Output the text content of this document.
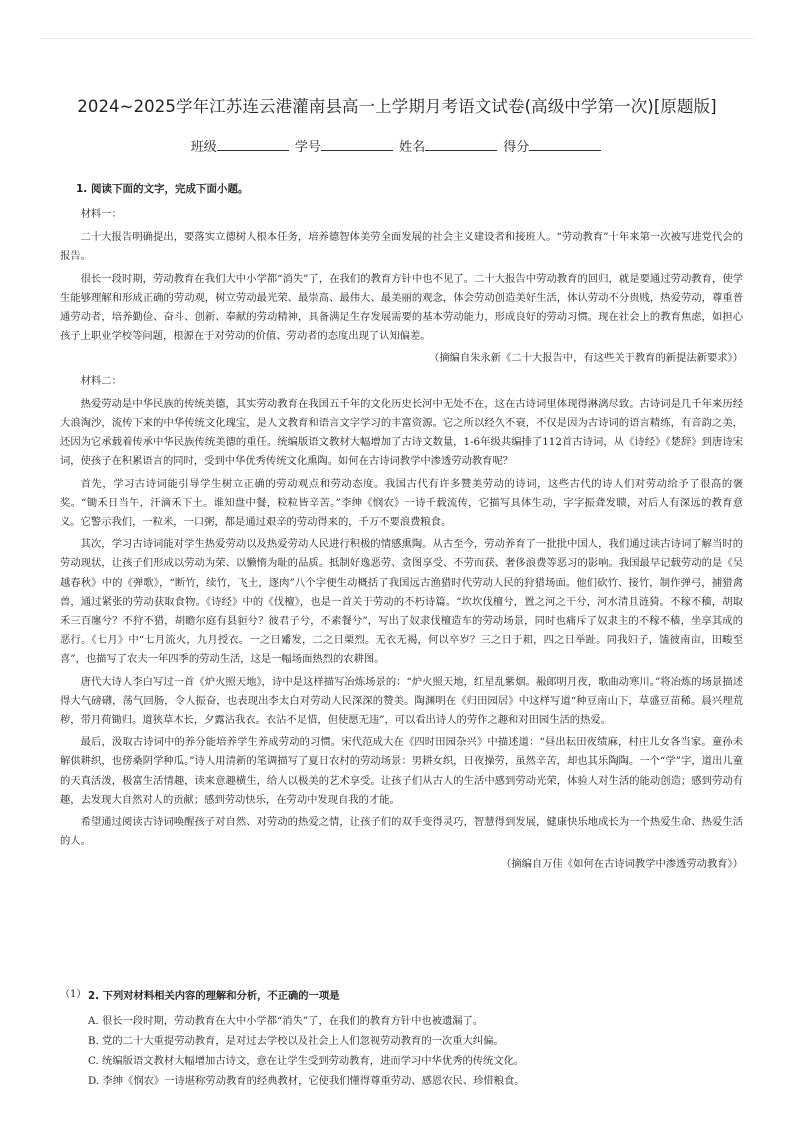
2024~2025学年江苏连云港灌南县高一上学期月考语文试卷(高级中学第一次)[原题版]
班级	学号	姓名	得分
1. 阅读下面的文字，完成下面小题。

材料一：

二十大报告明确提出，要落实立德树人根本任务，培养德智体美劳全面发展的社会主义建设者和接班人。“劳动教育”十年来第一次被写进党代会的报告。

很长一段时期，劳动教育在我们大中小学都“消失”了，在我们的教育方针中也不见了。二十大报告中劳动教育的回归，就是要通过劳动教育，使学生能够理解和形成正确的劳动观，树立劳动最光荣、最崇高、最伟大、最美丽的观念，体会劳动创造美好生活，体认劳动不分贵贱，热爱劳动，尊重普通劳动者，培养勤俭、奋斗、创新、奉献的劳动精神，具备满足生存发展需要的基本劳动能力，形成良好的劳动习惯。现在社会上的教育焦虑，如担心孩子上职业学校等问题，根源在于对劳动的价值、劳动者的态度出现了认知偏差。

（摘编自朱永新《二十大报告中，有这些关于教育的新提法新要求》）

材料二：

热爱劳动是中华民族的传统美德，其实劳动教育在我国五千年的文化历史长河中无处不在，这在古诗词里体现得淋漓尽致。古诗词是几千年来历经大浪淘沙，流传下来的中华传统文化瑰宝，是人文教育和语言文字学习的丰富资源。它之所以经久不衰，不仅是因为古诗词的语言精练，有音韵之美，还因为它承载着传承中华民族传统美德的重任。统编版语文教材大幅增加了古诗文数量，1-6年级共编排了112首古诗词，从《诗经》《楚辞》到唐诗宋词，使孩子在积累语言的同时，受到中华优秀传统文化熏陶。如何在古诗词教学中渗透劳动教育呢？

首先，学习古诗词能引导学生树立正确的劳动观点和劳动态度。我国古代有许多赞美劳动的诗词，这些古代的诗人们对劳动给予了很高的褒奖。“锄禾日当午，汗滴禾下土。谁知盘中餐，粒粒皆辛苦。”李绅《悯农》一诗千载流传，它描写具体生动，字字振聋发聩，对后人有深远的教育意义。它警示我们，一粒米，一口粥，都是通过艰辛的劳动得来的，千万不要浪费粮食。

其次，学习古诗词能对学生热爱劳动以及热爱劳动人民进行积极的情感熏陶。从古至今，劳动养育了一批批中国人，我们通过读古诗词了解当时的劳动现状，让孩子们形成以劳动为荣、以懒惰为耻的品质。抵制好逸恶劳、贪图享受、不劳而获、奢侈浪费等恶习的影响。我国最早记载劳动的是《吴越春秋》中的《弹歌》，“断竹，续竹，飞土，逐肉”八个字便生动概括了我国远古渔猎时代劳动人民的狩猎场面。他们砍竹、接竹，制作弹弓，捕猎禽兽，通过紧张的劳动获取食物。《诗经》中的《伐檀》，也是一首关于劳动的不朽诗篇。“坎坎伐檀兮，置之河之干兮，河水清且涟猗。不稼不穑，胡取禾三百廛兮？不狩不猎，胡瞻尔庭有县貆兮？彼君子兮，不素餐兮”，写出了奴隶伐檀造车的劳动场景，同时也痛斥了奴隶主的不稼不穑，坐享其成的恶行。《七月》中“七月流火，九月授衣。一之日觱发，二之日栗烈。无衣无褐，何以卒岁？三之日于耜，四之日举趾。同我妇子，馌彼南亩，田畯至喜”，也描写了农夫一年四季的劳动生活，这是一幅场面热烈的农耕图。

唐代大诗人李白写过一首《炉火照天地》，诗中是这样描写冶炼场景的：“炉火照天地，红星乱紫烟。赧郎明月夜，歌曲动寒川。”将冶炼的场景描述得大气磅礴，荡气回肠，令人振奋，也表现出李太白对劳动人民深深的赞美。陶渊明在《归田园居》中这样写道“种豆南山下，草盛豆苗稀。晨兴理荒秽，带月荷锄归。道狭草木长，夕露沾我衣。衣沾不足惜，但使愿无违”，可以看出诗人的劳作之趣和对田园生活的热爱。

最后，汲取古诗词中的养分能培养学生养成劳动的习惯。宋代范成大在《四时田园杂兴》中描述道：“昼出耘田夜绩麻，村庄儿女各当家。童孙未解供耕织，也傍桑阴学种瓜。”诗人用清新的笔调描写了夏日农村的劳动场景：男耕女织，日夜操劳，虽然辛苦，却也其乐陶陶。一个“学”字，道出儿童的天真活泼，极富生活情趣，读来意趣横生，给人以极美的艺术享受。让孩子们从古人的生活中感到劳动光荣，体验人对生活的能动创造；感到劳动有趣，去发现大自然对人的贡献；感到劳动快乐，在劳动中发现自我的才能。

希望通过阅读古诗词唤醒孩子对自然、对劳动的热爱之情，让孩子们的双手变得灵巧，智慧得到发展，健康快乐地成长为一个热爱生命、热爱生活的人。

（摘编自万佳《如何在古诗词教学中渗透劳动教育》）

（1） 2. 下列对材料相关内容的理解和分析，不正确的一项是
A. 很长一段时期，劳动教育在大中小学都“消失”了，在我们的教育方针中也被遗漏了。
B. 党的二十大重提劳动教育，是对过去学校以及社会上人们忽视劳动教育的一次重大纠偏。
C. 统编版语文教材大幅增加古诗文，意在让学生受到劳动教育，进而学习中华优秀的传统文化。
D. 李绅《悯农》一诗堪称劳动教育的经典教材，它使我们懂得尊重劳动、感恩农民、珍惜粮食。
